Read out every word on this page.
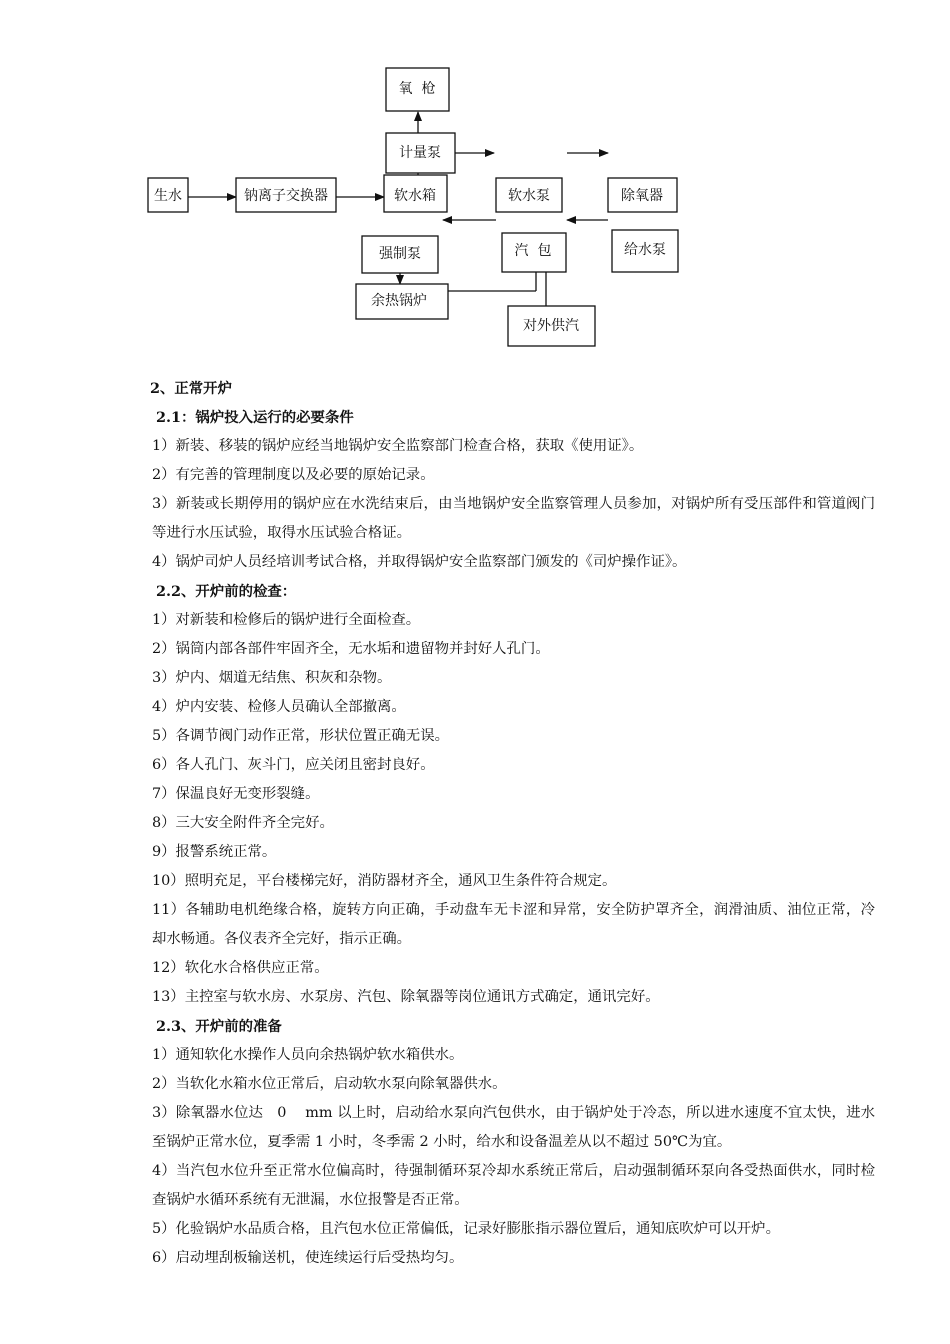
氧  枪
计量泵
生水	钠离子交换器	软水箱	软水泵	除氧器
强制泵	汽  包	给水泵
余热锅炉
对外供汽
2、正常开炉
2.1：锅炉投入运行的必要条件
1）新装、移装的锅炉应经当地锅炉安全监察部门检查合格，获取《使用证》。
2）有完善的管理制度以及必要的原始记录。
3）新装或长期停用的锅炉应在水洗结束后，由当地锅炉安全监察管理人员参加，对锅炉所有受压部件和管道阀门等进行水压试验，取得水压试验合格证。
4）锅炉司炉人员经培训考试合格，并取得锅炉安全监察部门颁发的《司炉操作证》。
2.2、开炉前的检查：
1）对新装和检修后的锅炉进行全面检查。
2）锅筒内部各部件牢固齐全，无水垢和遗留物并封好人孔门。
3）炉内、烟道无结焦、积灰和杂物。
4）炉内安装、检修人员确认全部撤离。
5）各调节阀门动作正常，形状位置正确无误。
6）各人孔门、灰斗门，应关闭且密封良好。
7）保温良好无变形裂缝。
8）三大安全附件齐全完好。
9）报警系统正常。
10）照明充足，平台楼梯完好，消防器材齐全，通风卫生条件符合规定。
11）各辅助电机绝缘合格，旋转方向正确，手动盘车无卡涩和异常，安全防护罩齐全，润滑油质、油位正常，冷却水畅通。各仪表齐全完好，指示正确。
12）软化水合格供应正常。
13）主控室与软水房、水泵房、汽包、除氧器等岗位通讯方式确定，通讯完好。
2.3、开炉前的准备
1）通知软化水操作人员向余热锅炉软水箱供水。
2）当软化水箱水位正常后，启动软水泵向除氧器供水。
3）除氧器水位达   0    mm 以上时，启动给水泵向汽包供水，由于锅炉处于冷态，所以进水速度不宜太快，进水至锅炉正常水位，夏季需 1 小时，冬季需 2 小时，给水和设备温差从以不超过 50℃为宜。
4）当汽包水位升至正常水位偏高时，待强制循环泵冷却水系统正常后，启动强制循环泵向各受热面供水，同时检查锅炉水循环系统有无泄漏，水位报警是否正常。
5）化验锅炉水品质合格，且汽包水位正常偏低，记录好膨胀指示器位置后，通知底吹炉可以开炉。
6）启动埋刮板输送机，使连续运行后受热均匀。
